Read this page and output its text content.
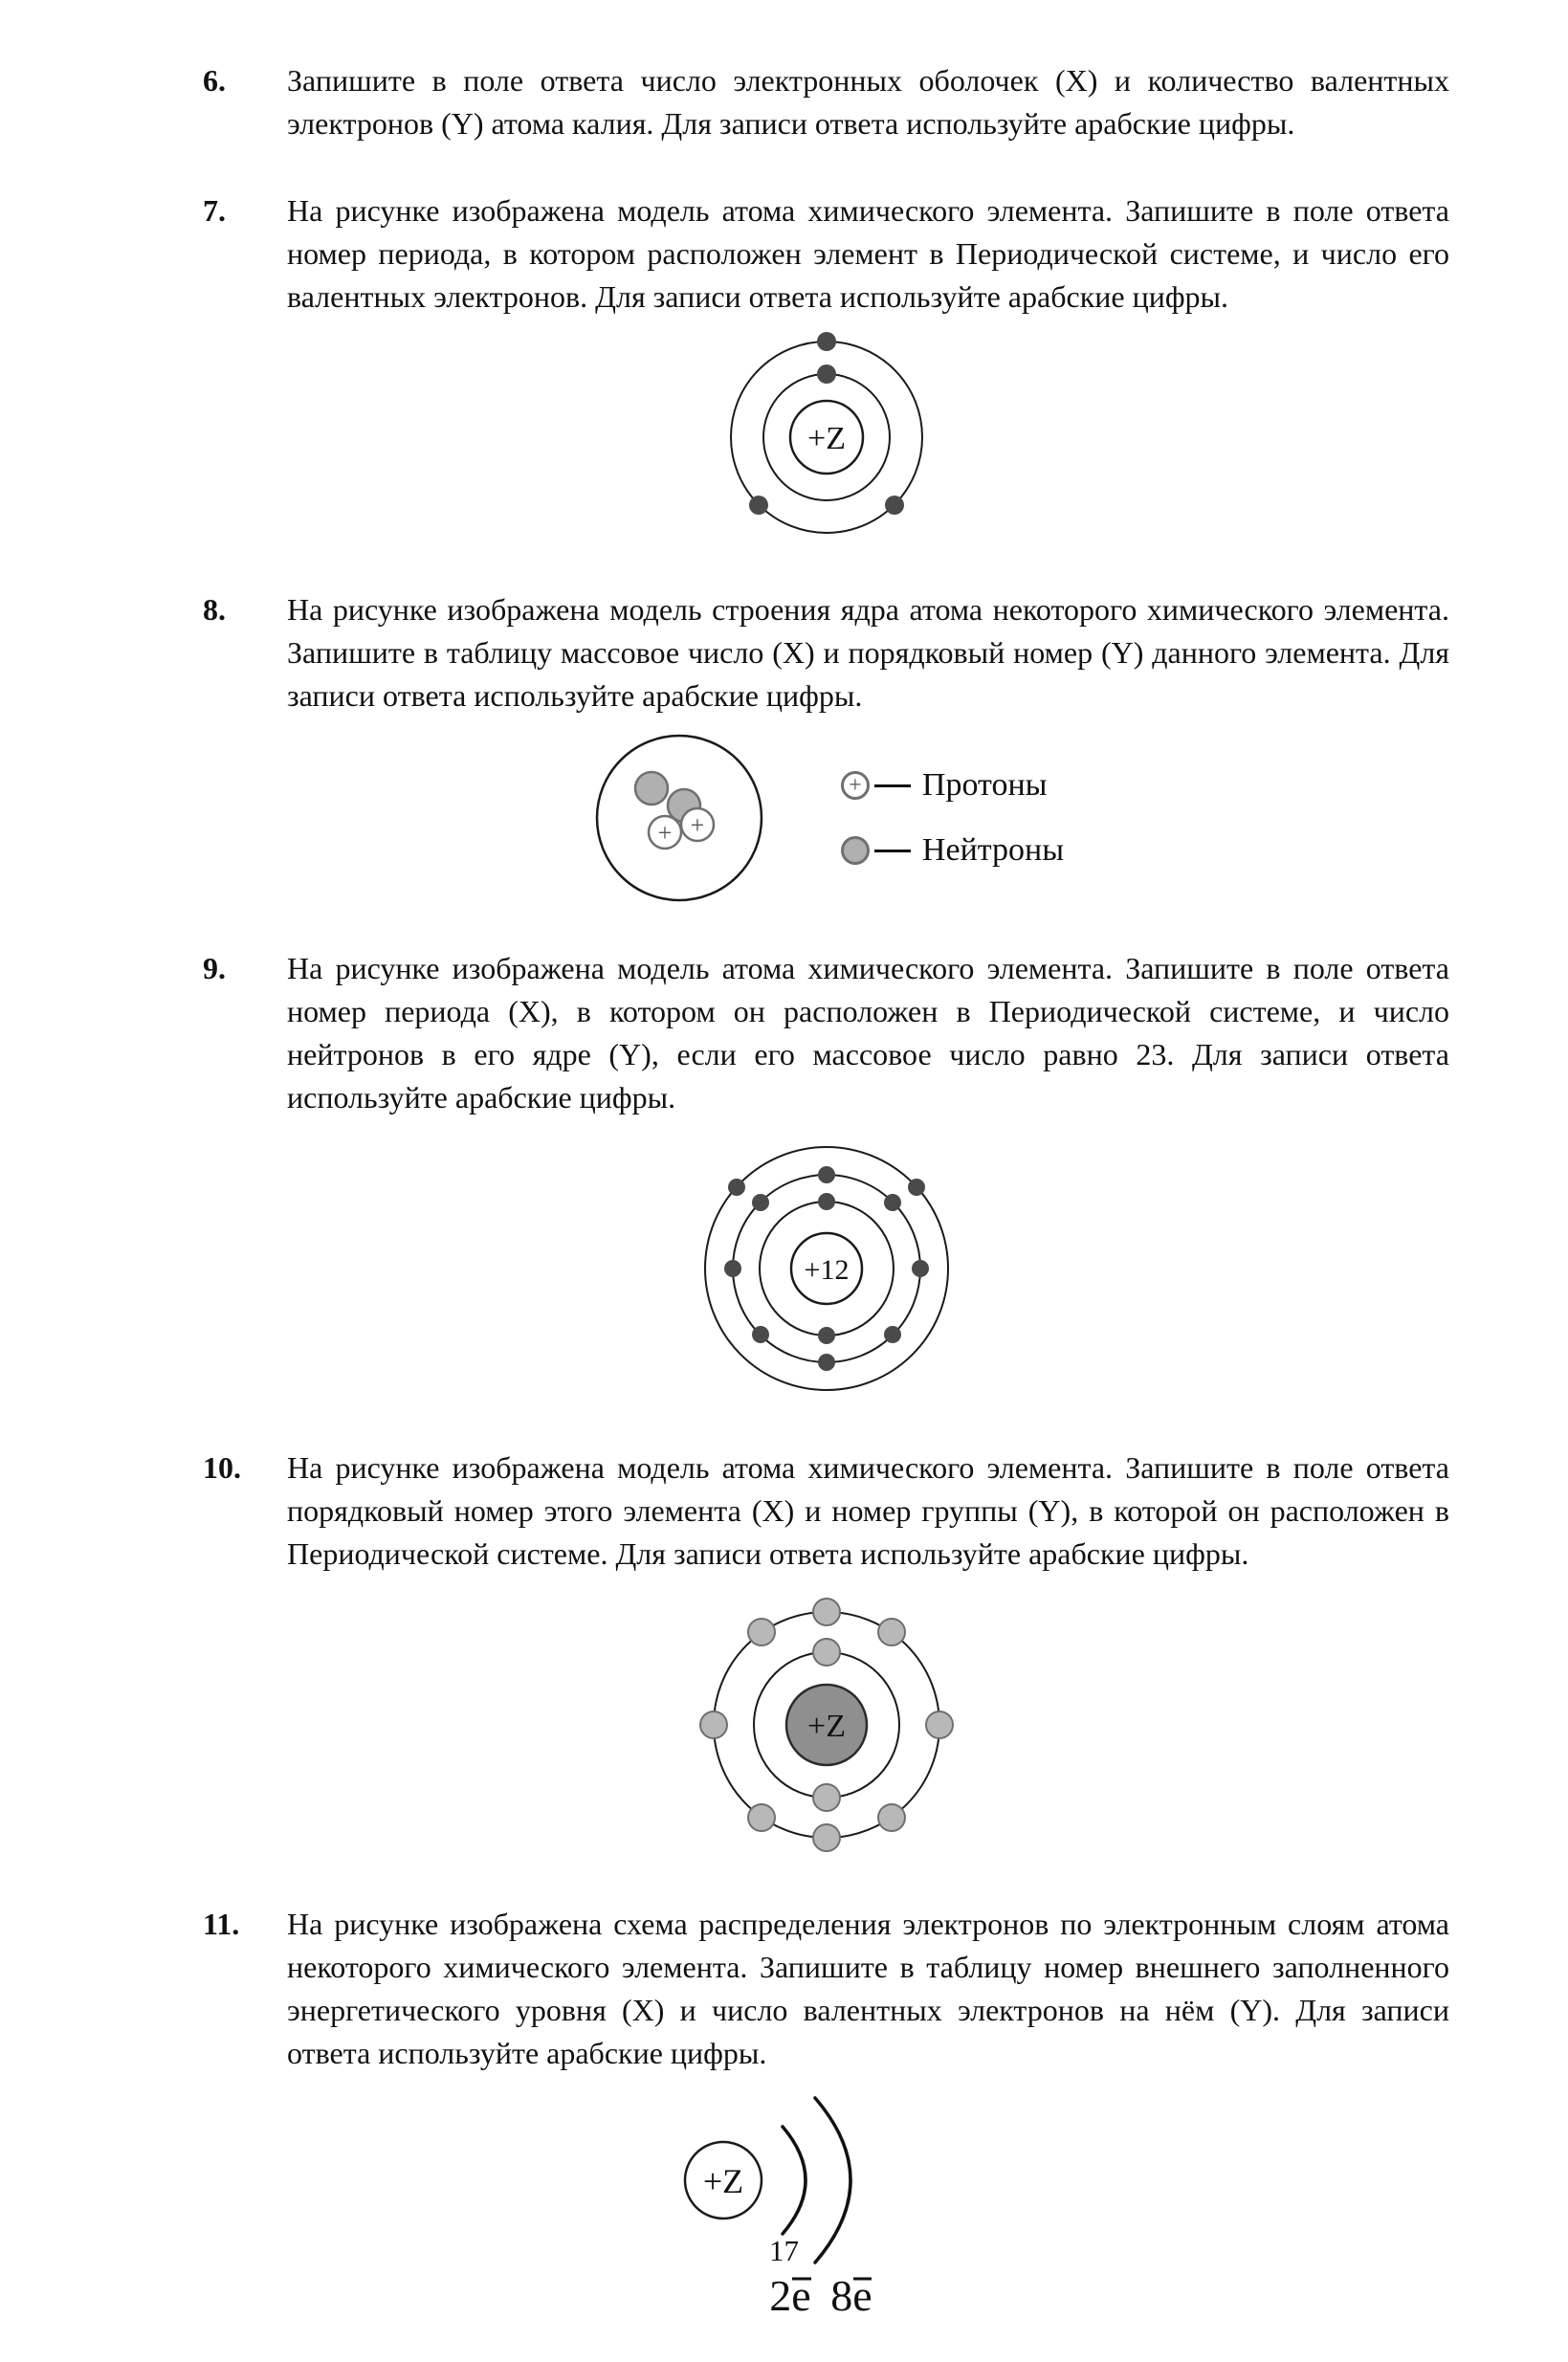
6.	Запишите в поле ответа число электронных оболочек (X) и количество валентных электронов (Y) атома калия. Для записи ответа используйте арабские цифры.
7.	На рисунке изображена модель атома химического элемента. Запишите в поле ответа номер периода, в котором расположен элемент в Периодической системе, и число его валентных электронов. Для записи ответа используйте арабские цифры.
+Z
8.	На рисунке изображена модель строения ядра атома некоторого химического элемента. Запишите в таблицу массовое число (X) и порядковый номер (Y) данного элемента. Для записи ответа используйте арабские цифры.
+ +
+ Протоны
Нейтроны
9.	На рисунке изображена модель атома химического элемента. Запишите в поле ответа номер периода (X), в котором он расположен в Периодической системе, и число нейтронов в его ядре (Y), если его массовое число равно 23. Для записи ответа используйте арабские цифры.
+12
10.	На рисунке изображена модель атома химического элемента. Запишите в поле ответа порядковый номер этого элемента (X) и номер группы (Y), в которой он расположен в Периодической системе. Для записи ответа используйте арабские цифры.
+Z
11.	На рисунке изображена схема распределения электронов по электронным слоям атома некоторого химического элемента. Запишите в таблицу номер внешнего заполненного энергетического уровня (X) и число валентных электронов на нём (Y). Для записи ответа используйте арабские цифры.
+Z
2e 8e
17
